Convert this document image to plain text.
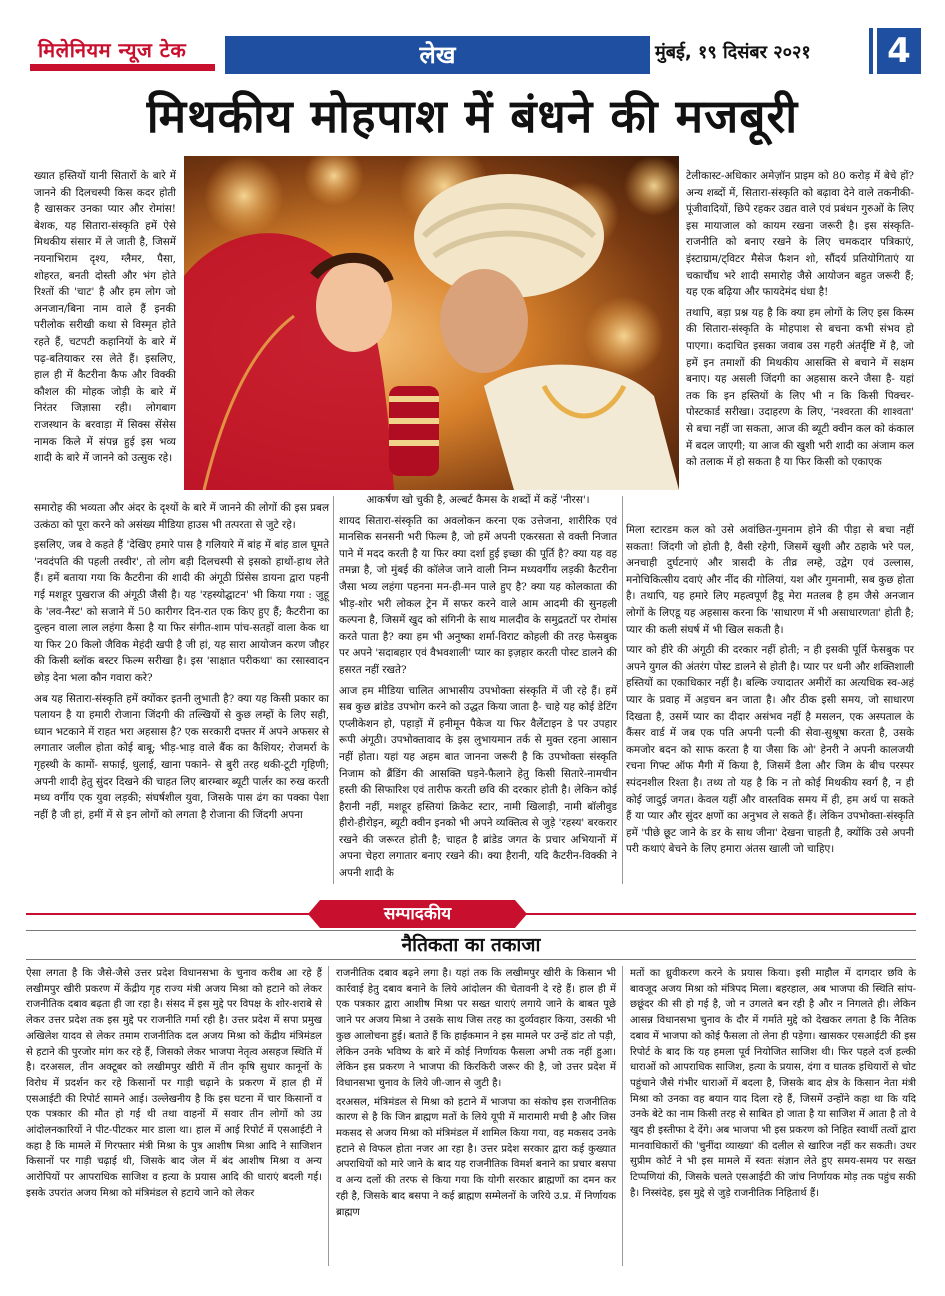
मिलेनियम न्यूज टेक	लेख	मुंबई, १९ दिसंबर २०२१ 4
मिथकीय मोहपाश में बंधने की मजबूरी

ख्यात हस्तियों यानी सितारों के बारे में जानने की दिलचस्पी किस कदर होती है खासकर उनका प्यार और रोमांस! बेशक, यह सितारा-संस्कृति हमें ऐसे मिथकीय संसार में ले जाती है, जिसमें नयनाभिराम दृश्य, ग्लैमर, पैसा, शोहरत, बनती दोस्ती और भंग होते रिश्तों की 'चाट' है और हम लोग जो अनजान/बिना नाम वाले हैं इनकी परीलोक सरीखी कथा से विस्मृत होते रहते हैं, चटपटी कहानियों के बारे में पढ़-बतियाकर रस लेते हैं। इसलिए, हाल ही में कैटरीना कैफ और विक्की कौशल की मोहक जोड़ी के बारे में निरंतर जिज्ञासा रही। लोगबाग राजस्थान के बरवाड़ा में सिक्स सेंसेस नामक किले में संपन्न हुई इस भव्य शादी के बारे में जानने को उत्सुक रहे।

समारोह की भव्यता और अंदर के दृश्यों के बारे में जानने की लोगों की इस प्रबल उत्कंठा को पूरा करने को असंख्य मीडिया हाउस भी तत्परता से जुटे रहे।

इसलिए, जब वे कहते हैं 'देखिए हमारे पास है गलियारे में बांह में बांह डाल घूमते 'नवदंपति की पहली तस्वीर', तो लोग बड़ी दिलचस्पी से इसको हाथों-हाथ लेते हैं। हमें बताया गया कि कैटरीना की शादी की अंगूठी प्रिंसेस डायना द्वारा पहनी गई मशहूर पुखराज की अंगूठी जैसी है। यह 'रहस्योद्घाटन' भी किया गया : जुहू के 'लव-नैस्ट' को सजाने में 50 कारीगर दिन-रात एक किए हुए हैं; कैटरीना का दुल्हन वाला लाल लहंगा कैसा है या फिर संगीत-शाम पांच-सतहों वाला केक था या फिर 20 किलो जैविक मेहंदी खपी है जी हां, यह सारा आयोजन करण जौहर की किसी ब्लॉक बस्टर फिल्म सरीखा है। इस 'साक्षात परीकथा' का रसास्वादन छोड़ देना भला कौन गवारा करे?

अब यह सितारा-संस्कृति हमें क्योंकर इतनी लुभाती है? क्या यह किसी प्रकार का पलायन है या हमारी रोजाना जिंदगी की तल्खियों से कुछ लम्हों के लिए सही, ध्यान भटकाने में राहत भरा अहसास है? एक सरकारी दफ्तर में अपने अफसर से लगातार जलील होता कोई बाबू; भीड़-भाड़ वाले बैंक का कैशियर; रोजमर्रा के गृहस्थी के कामों- सफाई, धुलाई, खाना पकाने- से बुरी तरह थकी-टूटी गृहिणी; अपनी शादी हेतु सुंदर दिखने की चाहत लिए बारम्बार ब्यूटी पार्लर का रुख करती मध्य वर्गीय एक युवा लड़की; संघर्षशील युवा, जिसके पास ढंग का पक्का पेशा नहीं है जी हां, हमीं में से इन लोगों को लगता है रोजाना की जिंदगी अपना

आकर्षण खो चुकी है, अल्बर्ट कैमस के शब्दों में कहें 'नीरस'।

शायद सितारा-संस्कृति का अवलोकन करना एक उत्तेजना, शारीरिक एवं मानसिक सनसनी भरी फिल्म है, जो हमें अपनी एकरसता से वक्ती निजात पाने में मदद करती है या फिर क्या दर्शा हुई इच्छा की पूर्ति है? क्या यह वह तमन्ना है, जो मुंबई की कॉलेज जाने वाली निम्न मध्यवर्गीय लड़की कैटरीना जैसा भव्य लहंगा पहनना मन-ही-मन पाले हुए है? क्या यह कोलकाता की भीड़-शोर भरी लोकल ट्रेन में सफर करने वाले आम आदमी की सुनहली कल्पना है, जिसमें खुद को संगिनी के साथ मालदीव के समुद्रतटों पर रोमांस करते पाता है? क्या हम भी अनुष्का शर्मा-विराट कोहली की तरह फेसबुक पर अपने 'सदाबहार एवं वैभवशाली' प्यार का इज़हार करती पोस्ट डालने की हसरत नहीं रखते?

आज हम मीडिया चालित आभासीय उपभोक्ता संस्कृति में जी रहे हैं। हमें सब कुछ ब्रांडेड उपभोग करने को उद्धत किया जाता है- चाहे यह कोई डेटिंग एप्लीकेशन हो, पहाड़ों में हनीमून पैकेज या फिर वैलेंटाइन डे पर उपहार रूपी अंगूठी। उपभोक्तावाद के इस लुभायमान तर्क से मुक्त रहना आसान नहीं होता। यहां यह अहम बात जानना जरूरी है कि उपभोक्ता संस्कृति निजाम को ब्रैंडिंग की आसक्ति घड़ने-फैलाने हेतु किसी सितारे-नामचीन हस्ती की सिफारिश एवं तारीफ करती छवि की दरकार होती है। लेकिन कोई हैरानी नहीं, मशहूर हस्तियां क्रिकेट स्टार, नामी खिलाड़ी, नामी बॉलीवुड हीरो-हीरोइन, ब्यूटी क्वीन इनको भी अपने व्यक्तित्व से जुड़े 'रहस्य' बरकरार रखने की जरूरत होती है; चाहत है ब्रांडेड जगत के प्रचार अभियानों में अपना चेहरा लगातार बनाए रखने की। क्या हैरानी, यदि कैटरीन-विक्की ने अपनी शादी के

टेलीकास्ट-अधिकार अमेज़ॉन प्राइम को 80 करोड़ में बेचे हों? अन्य शब्दों में, सितारा-संस्कृति को बढ़ावा देने वाले तकनीकी-पूंजीवादियों, छिपे रहकर उद्यत वाले एवं प्रबंधन गुरुओं के लिए इस मायाजाल को कायम रखना जरूरी है। इस संस्कृति-राजनीति को बनाए रखने के लिए चमकदार पत्रिकाएं, इंस्टाग्राम/ट्विटर मैसेज फैशन शो, सौंदर्य प्रतियोगिताएं या चकाचौंध भरे शादी समारोह जैसे आयोजन बहुत जरूरी हैं; यह एक बढ़िया और फायदेमंद धंधा है!

तथापि, बड़ा प्रश्न यह है कि क्या हम लोगों के लिए इस किस्म की सितारा-संस्कृति के मोहपाश से बचना कभी संभव हो पाएगा। कदाचित इसका जवाब उस गहरी अंतर्दृष्टि में है, जो हमें इन तमाशों की मिथकीय आसक्ति से बचाने में सक्षम बनाए। यह असली जिंदगी का अहसास करने जैसा है- यहां तक कि इन हस्तियों के लिए भी न कि किसी पिक्चर-पोस्टकार्ड सरीखा। उदाहरण के लिए, 'नश्वरता की शाश्वता' से बचा नहीं जा सकता, आज की ब्यूटी क्वीन कल को कंकाल में बदल जाएगी; या आज की खुशी भरी शादी का अंजाम कल को तलाक में हो सकता है या फिर किसी को एकाएक

मिला स्टारडम कल को उसे अवांछित-गुमनाम होने की पीड़ा से बचा नहीं सकता! जिंदगी जो होती है, वैसी रहेगी, जिसमें खुशी और ठहाके भरे पल, अनचाही दुर्घटनाएं और त्रासदी के तीव्र लम्हे, उद्वेग एवं उल्लास, मनोचिकित्सीय दवाएं और नींद की गोलियां, यश और गुमनामी, सब कुछ होता है। तथापि, यह हमारे लिए महत्वपूर्ण हैडू मेरा मतलब है हम जैसे अनजान लोगों के लिएडू यह अहसास करना कि 'साधारण में भी असाधारणता' होती है; प्यार की कली संघर्ष में भी खिल सकती है।

प्यार को हीरे की अंगूठी की दरकार नहीं होती; न ही इसकी पूर्ति फेसबुक पर अपने युगल की अंतरंग पोस्ट डालने से होती है। प्यार पर धनी और शक्तिशाली हस्तियों का एकाधिकार नहीं है। बल्कि ज्यादातर अमीरों का अत्यधिक स्व-अहं प्यार के प्रवाह में अड़चन बन जाता है। और ठीक इसी समय, जो साधारण दिखता है, उसमें प्यार का दीदार असंभव नहीं है मसलन, एक अस्पताल के कैंसर वार्ड में जब एक पति अपनी पत्नी की सेवा-सुश्रूषा करता है, उसके कमजोर बदन को साफ करता है या जैसा कि ओ' हेनरी ने अपनी कालजयी रचना गिफ्ट ऑफ मैगी में किया है, जिसमें डैला और जिम के बीच परस्पर स्पंदनशील रिश्ता है। तथ्य तो यह है कि न तो कोई मिथकीय स्वर्ग है, न ही कोई जादुई जगत। केवल यहीं और वास्तविक समय में ही, हम अर्थ पा सकते हैं या प्यार और सुंदर क्षणों का अनुभव ले सकते हैं। लेकिन उपभोक्ता-संस्कृति हमें 'पीछे छूट जाने के डर के साथ जीना' देखना चाहती है, क्योंकि उसे अपनी परी कथाएं बेचने के लिए हमारा अंतस खाली जो चाहिए।

सम्पादकीय
नैतिकता का तकाजा

ऐसा लगता है कि जैसे-जैसे उत्तर प्रदेश विधानसभा के चुनाव करीब आ रहे हैं लखीमपुर खीरी प्रकरण में केंद्रीय गृह राज्य मंत्री अजय मिश्रा को हटाने को लेकर राजनीतिक दबाव बढ़ता ही जा रहा है। संसद में इस मुद्दे पर विपक्ष के शोर-शराबे से लेकर उत्तर प्रदेश तक इस मुद्दे पर राजनीति गर्मा रही है। उत्तर प्रदेश में सपा प्रमुख अखिलेश यादव से लेकर तमाम राजनीतिक दल अजय मिश्रा को केंद्रीय मंत्रिमंडल से हटाने की पुरजोर मांग कर रहे हैं, जिसको लेकर भाजपा नेतृत्व असहज स्थिति में है। दरअसल, तीन अक्टूबर को लखीमपुर खीरी में तीन कृषि सुधार कानूनों के विरोध में प्रदर्शन कर रहे किसानों पर गाड़ी चढ़ाने के प्रकरण में हाल ही में एसआईटी की रिपोर्ट सामने आई। उल्लेखनीय है कि इस घटना में चार किसानों व एक पत्रकार की मौत हो गई थी तथा वाहनों में सवार तीन लोगों को उग्र आंदोलनकारियों ने पीट-पीटकर मार डाला था। हाल में आई रिपोर्ट में एसआईटी ने कहा है कि मामले में गिरफ्तार मंत्री मिश्रा के पुत्र आशीष मिश्रा आदि ने साजिशन किसानों पर गाड़ी चढ़ाई थी, जिसके बाद जेल में बंद आशीष मिश्रा व अन्य आरोपियों पर आपराधिक साजिश व हत्या के प्रयास आदि की धाराएं बदली गई। इसके उपरांत अजय मिश्रा को मंत्रिमंडल से हटाये जाने को लेकर

राजनीतिक दबाव बढ़ने लगा है। यहां तक कि लखीमपुर खीरी के किसान भी कार्रवाई हेतु दबाव बनाने के लिये आंदोलन की चेतावनी दे रहे हैं। हाल ही में एक पत्रकार द्वारा आशीष मिश्रा पर सख्त धाराएं लगाये जाने के बाबत पूछे जाने पर अजय मिश्रा ने उसके साथ जिस तरह का दुर्व्यवहार किया, उसकी भी कुछ आलोचना हुई। बताते हैं कि हाईकमान ने इस मामले पर उन्हें डांट तो पड़ी, लेकिन उनके भविष्य के बारे में कोई निर्णायक फैसला अभी तक नहीं हुआ। लेकिन इस प्रकरण ने भाजपा की किरकिरी जरूर की है, जो उत्तर प्रदेश में विधानसभा चुनाव के लिये जी-जान से जुटी है।

दरअसल, मंत्रिमंडल से मिश्रा को हटाने में भाजपा का संकोच इस राजनीतिक कारण से है कि जिन ब्राह्मण मतों के लिये यूपी में मारामारी मची है और जिस मकसद से अजय मिश्रा को मंत्रिमंडल में शामिल किया गया, वह मकसद उनके हटाने से विफल होता नजर आ रहा है। उत्तर प्रदेश सरकार द्वारा कई कुख्यात अपराधियों को मारे जाने के बाद यह राजनीतिक विमर्श बनाने का प्रचार बसपा व अन्य दलों की तरफ से किया गया कि योगी सरकार ब्राह्मणों का दमन कर रही है, जिसके बाद बसपा ने कई ब्राह्मण सम्मेलनों के जरिये उ.प्र. में निर्णायक ब्राह्मण

मतों का ध्रुवीकरण करने के प्रयास किया। इसी माहौल में दागदार छवि के बावजूद अजय मिश्रा को मंत्रिपद मिला। बहरहाल, अब भाजपा की स्थिति सांप-छछूंदर की सी हो गई है, जो न उगलते बन रही है और न निगलते ही। लेकिन आसन्न विधानसभा चुनाव के दौर में गर्माते मुद्दे को देखकर लगता है कि नैतिक दबाव में भाजपा को कोई फैसला तो लेना ही पड़ेगा। खासकर एसआईटी की इस रिपोर्ट के बाद कि यह हमला पूर्व नियोजित साजिश थी। फिर पहले दर्ज हल्की धाराओं को आपराधिक साजिश, हत्या के प्रयास, दंगा व घातक हथियारों से चोट पहुंचाने जैसे गंभीर धाराओं में बदला है, जिसके बाद क्षेत्र के किसान नेता मंत्री मिश्रा को उनका वह बयान याद दिला रहे हैं, जिसमें उन्होंने कहा था कि यदि उनके बेटे का नाम किसी तरह से साबित हो जाता है या साजिश में आता है तो वे खुद ही इस्तीफा दे देंगे। अब भाजपा भी इस प्रकरण को निहित स्वार्थी तत्वों द्वारा मानवाधिकारों की 'चुनींदा व्याख्या' की दलील से खारिज नहीं कर सकती। उधर सुप्रीम कोर्ट ने भी इस मामले में स्वतः संज्ञान लेते हुए समय-समय पर सख्त टिप्पणियां की, जिसके चलते एसआईटी की जांच निर्णायक मोड़ तक पहुंच सकी है। निस्संदेह, इस मुद्दे से जुड़े राजनीतिक निहितार्थ हैं।
